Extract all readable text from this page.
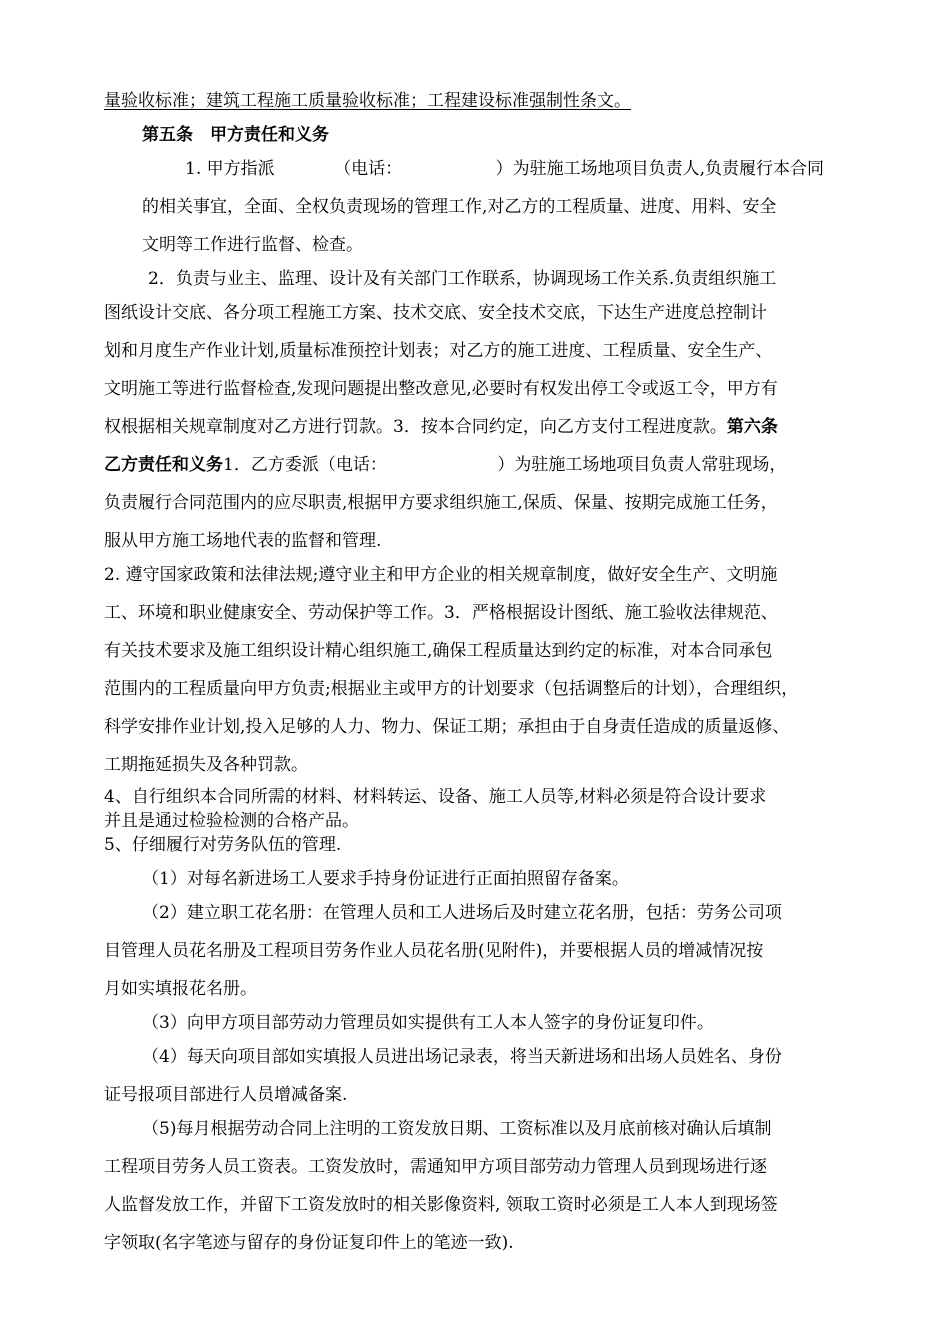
量验收标准；建筑工程施工质量验收标准；工程建设标准强制性条文。
第五条　甲方责任和义务
1. 甲方指派　　　　（电话：　　　　　　）为驻施工场地项目负责人,负责履行本合同
的相关事宜，全面、全权负责现场的管理工作,对乙方的工程质量、进度、用料、安全
文明等工作进行监督、检查。
2．负责与业主、监理、设计及有关部门工作联系，协调现场工作关系.负责组织施工
图纸设计交底、各分项工程施工方案、技术交底、安全技术交底，下达生产进度总控制计
划和月度生产作业计划,质量标准预控计划表；对乙方的施工进度、工程质量、安全生产、
文明施工等进行监督检查,发现问题提出整改意见,必要时有权发出停工令或返工令，甲方有
权根据相关规章制度对乙方进行罚款。3．按本合同约定，向乙方支付工程进度款。第六条
乙方责任和义务1．乙方委派（电话：　　　　　　　）为驻施工场地项目负责人常驻现场，
负责履行合同范围内的应尽职责,根据甲方要求组织施工,保质、保量、按期完成施工任务，
服从甲方施工场地代表的监督和管理.
2. 遵守国家政策和法律法规;遵守业主和甲方企业的相关规章制度，做好安全生产、文明施
工、环境和职业健康安全、劳动保护等工作。3．严格根据设计图纸、施工验收法律规范、
有关技术要求及施工组织设计精心组织施工,确保工程质量达到约定的标准，对本合同承包
范围内的工程质量向甲方负责;根据业主或甲方的计划要求（包括调整后的计划），合理组织，
科学安排作业计划,投入足够的人力、物力、保证工期；承担由于自身责任造成的质量返修、
工期拖延损失及各种罚款。
4、自行组织本合同所需的材料、材料转运、设备、施工人员等,材料必须是符合设计要求
并且是通过检验检测的合格产品。
5、仔细履行对劳务队伍的管理.
（1）对每名新进场工人要求手持身份证进行正面拍照留存备案。
（2）建立职工花名册：在管理人员和工人进场后及时建立花名册，包括：劳务公司项
目管理人员花名册及工程项目劳务作业人员花名册(见附件)，并要根据人员的增减情况按
月如实填报花名册。
（3）向甲方项目部劳动力管理员如实提供有工人本人签字的身份证复印件。
（4）每天向项目部如实填报人员进出场记录表，将当天新进场和出场人员姓名、身份
证号报项目部进行人员增减备案.
（5)每月根据劳动合同上注明的工资发放日期、工资标准以及月底前核对确认后填制
工程项目劳务人员工资表。工资发放时，需通知甲方项目部劳动力管理人员到现场进行逐
人监督发放工作，并留下工资发放时的相关影像资料, 领取工资时必须是工人本人到现场签
字领取(名字笔迹与留存的身份证复印件上的笔迹一致).
